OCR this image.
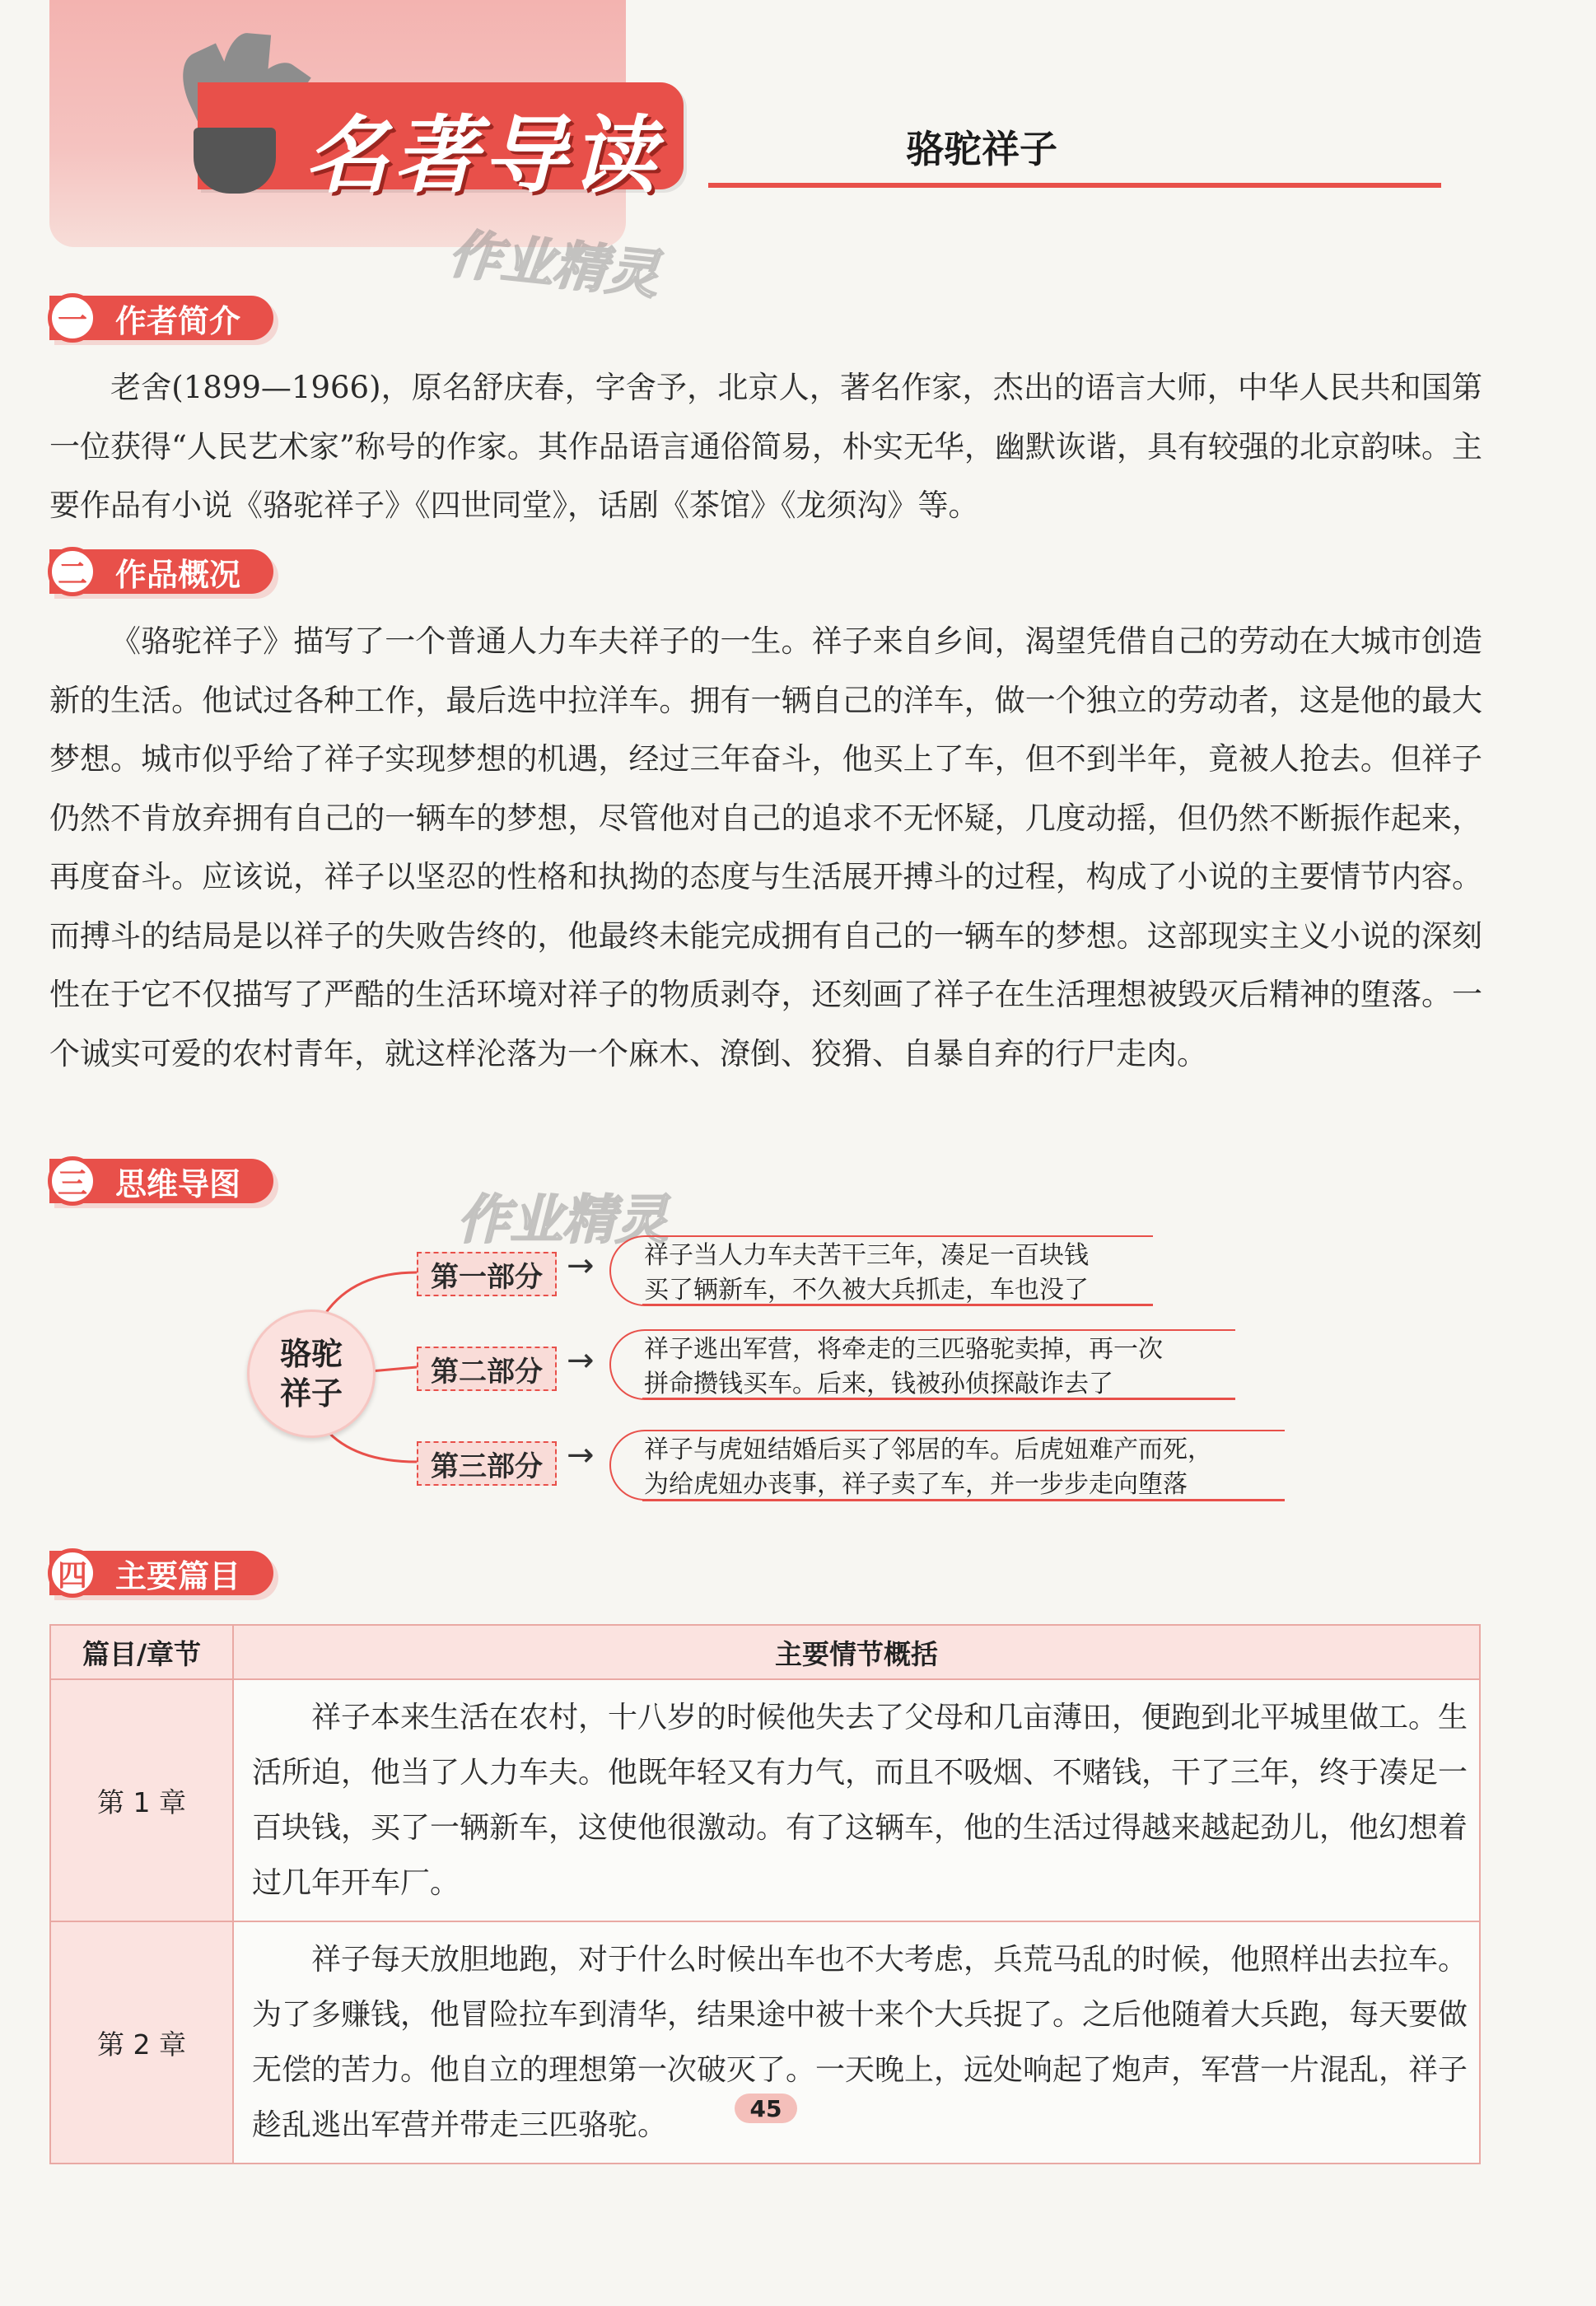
名著导读	骆驼祥子
作业精灵
一 作者简介

老舍(1899—1966)，原名舒庆春，字舍予，北京人，著名作家，杰出的语言大师，中华人民共和国第一位获得“人民艺术家”称号的作家。其作品语言通俗简易，朴实无华，幽默诙谐，具有较强的北京韵味。主要作品有小说《骆驼祥子》《四世同堂》，话剧《茶馆》《龙须沟》等。

二 作品概况

《骆驼祥子》描写了一个普通人力车夫祥子的一生。祥子来自乡间，渴望凭借自己的劳动在大城市创造新的生活。他试过各种工作，最后选中拉洋车。拥有一辆自己的洋车，做一个独立的劳动者，这是他的最大梦想。城市似乎给了祥子实现梦想的机遇，经过三年奋斗，他买上了车，但不到半年，竟被人抢去。但祥子仍然不肯放弃拥有自己的一辆车的梦想，尽管他对自己的追求不无怀疑，几度动摇，但仍然不断振作起来，再度奋斗。应该说，祥子以坚忍的性格和执拗的态度与生活展开搏斗的过程，构成了小说的主要情节内容。而搏斗的结局是以祥子的失败告终的，他最终未能完成拥有自己的一辆车的梦想。这部现实主义小说的深刻性在于它不仅描写了严酷的生活环境对祥子的物质剥夺，还刻画了祥子在生活理想被毁灭后精神的堕落。一个诚实可爱的农村青年，就这样沦落为一个麻木、潦倒、狡猾、自暴自弃的行尸走肉。

三 思维导图
作业精灵
骆驼
祥子
第一部分 → 祥子当人力车夫苦干三年，凑足一百块钱
买了辆新车，不久被大兵抓走，车也没了
第二部分 → 祥子逃出军营，将牵走的三匹骆驼卖掉，再一次
拼命攒钱买车。后来，钱被孙侦探敲诈去了
第三部分 → 祥子与虎妞结婚后买了邻居的车。后虎妞难产而死，
为给虎妞办丧事，祥子卖了车，并一步步走向堕落
四 主要篇目
篇目/章节	主要情节概括
第 1 章	祥子本来生活在农村，十八岁的时候他失去了父母和几亩薄田，便跑到北平城里做工。生活所迫，他当了人力车夫。他既年轻又有力气，而且不吸烟、不赌钱，干了三年，终于凑足一百块钱，买了一辆新车，这使他很激动。有了这辆车，他的生活过得越来越起劲儿，他幻想着过几年开车厂。

第 2 章	祥子每天放胆地跑，对于什么时候出车也不大考虑，兵荒马乱的时候，他照样出去拉车。为了多赚钱，他冒险拉车到清华，结果途中被十来个大兵捉了。之后他随着大兵跑，每天要做无偿的苦力。他自立的理想第一次破灭了。一天晚上，远处响起了炮声，军营一片混乱，祥子趁乱逃出军营并带走三匹骆驼。	45
